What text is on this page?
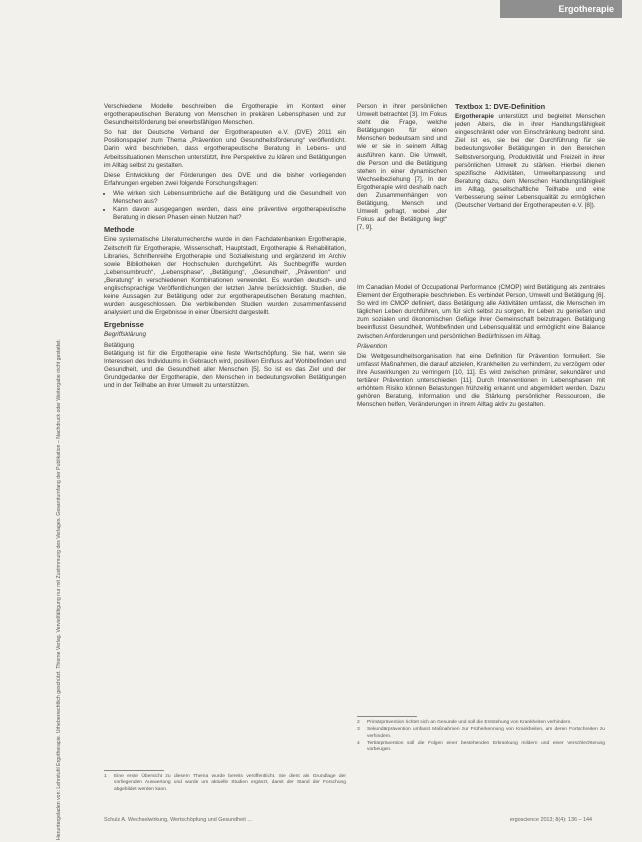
Ergotherapie
Heruntergeladen von: Lehrstuhl Ergotherapie. Urheberrechtlich geschützt. Thieme Verlag. Vervielfältigung nur mit Zustimmung des Verlages. Gesamtumfang der Publikation – Nachdruck oder Weitergabe nicht gestattet.

Verschiedene Modelle beschreiben die Ergotherapie im Kontext einer ergotherapeutischen Beratung von Menschen in prekären Lebensphasen und zur Gesundheitsförderung bei erwerbsfähigen Menschen.

So hat der Deutsche Verband der Ergotherapeuten e.V. (DVE) 2011 ein Positionspapier zum Thema „Prävention und Gesundheitsförderung“ veröffentlicht. Darin wird beschrieben, dass ergotherapeutische Beratung in Lebens- und Arbeitssituationen Menschen unterstützt, ihre Perspektive zu klären und Betätigungen im Alltag selbst zu gestalten.

Diese Entwicklung der Förderungen des DVE und die bisher vorliegenden Erfahrungen ergeben zwei folgende Forschungsfragen:

• Wie wirken sich Lebensumbrüche auf die Betätigung und die Gesundheit von Menschen aus?
• Kann davon ausgegangen werden, dass eine präventive ergotherapeutische Beratung in diesen Phasen einen Nutzen hat?
Methode

Eine systematische Literaturrecherche wurde in den Fachdatenbanken Ergotherapie, Zeitschrift für Ergotherapie, Wissenschaft, Hauptstadt, Ergotherapie & Rehabilitation, Libraries, Schriftenreihe Ergotherapie und Sozialleistung und ergänzend im Archiv sowie Bibliotheken der Hochschulen durchgeführt. Als Suchbegriffe wurden „Lebensumbruch“, „Lebensphase“, „Betätigung“, „Gesundheit“, „Prävention“ und „Beratung“ in verschiedenen Kombinationen verwendet. Es wurden deutsch- und englischsprachige Veröffentlichungen der letzten Jahre berücksichtigt. Studien, die keine Aussagen zur Betätigung oder zur ergotherapeutischen Beratung machten, wurden ausgeschlossen. Die verbleibenden Studien wurden zusammenfassend analysiert und die Ergebnisse in einer Übersicht dargestellt.

Ergebnisse
Begriffsklärung
Betätigung

Betätigung ist für die Ergotherapie eine feste Wertschöpfung. Sie hat, wenn sie Interessen des Individuums in Gebrauch wird, positiven Einfluss auf Wohlbefinden und Gesundheit, und die Gesundheit aller Menschen [5]. So ist es das Ziel und der Grundgedanke der Ergotherapie, den Menschen in bedeutungsvollen Betätigungen und in der Teilhabe an ihrer Umwelt zu unterstützen.

1	Eine erste Übersicht zu diesem Thema wurde bereits veröffentlicht. Sie dient als Grundlage der vorliegenden Auswertung und wurde um aktuelle Studien ergänzt, damit der Stand der Forschung abgebildet werden kann.

Person in ihrer persönlichen Umwelt betrachtet [3]. Im Fokus steht die Frage, welche Betätigungen für einen Menschen bedeutsam sind und wie er sie in seinem Alltag ausführen kann. Die Umwelt, die Person und die Betätigung stehen in einer dynamischen Wechselbeziehung [7]. In der Ergotherapie wird deshalb nach den Zusammenhängen von Betätigung, Mensch und Umwelt gefragt, wobei „der Fokus auf der Betätigung liegt“ [7, 9].

Textbox 1: DVE-Definition

Ergotherapie unterstützt und begleitet Menschen jeden Alters, die in ihrer Handlungsfähigkeit eingeschränkt oder von Einschränkung bedroht sind. Ziel ist es, sie bei der Durchführung für sie bedeutungsvoller Betätigungen in den Bereichen Selbstversorgung, Produktivität und Freizeit in ihrer persönlichen Umwelt zu stärken. Hierbei dienen spezifische Aktivitäten, Umweltanpassung und Beratung dazu, dem Menschen Handlungsfähigkeit im Alltag, gesellschaftliche Teilhabe und eine Verbesserung seiner Lebensqualität zu ermöglichen (Deutscher Verband der Ergotherapeuten e.V. [8]).

Im Canadian Model of Occupational Performance (CMOP) wird Betätigung als zentrales Element der Ergotherapie beschrieben. Es verbindet Person, Umwelt und Betätigung [6]. So wird im CMOP definiert, dass Betätigung alle Aktivitäten umfasst, die Menschen im täglichen Leben durchführen, um für sich selbst zu sorgen, ihr Leben zu genießen und zum sozialen und ökonomischen Gefüge ihrer Gemeinschaft beizutragen. Betätigung beeinflusst Gesundheit, Wohlbefinden und Lebensqualität und ermöglicht eine Balance zwischen Anforderungen und persönlichen Bedürfnissen im Alltag.

Prävention

Die Weltgesundheitsorganisation hat eine Definition für Prävention formuliert. Sie umfasst Maßnahmen, die darauf abzielen, Krankheiten zu verhindern, zu verzögern oder ihre Auswirkungen zu verringern [10, 11]. Es wird zwischen primärer, sekundärer und tertiärer Prävention unterschieden [11]. Durch Interventionen in Lebensphasen mit erhöhtem Risiko können Belastungen frühzeitig erkannt und abgemildert werden. Dazu gehören Beratung, Information und die Stärkung persönlicher Ressourcen, die Menschen helfen, Veränderungen in ihrem Alltag aktiv zu gestalten.

2	Primärprävention richtet sich an Gesunde und soll die Entstehung von Krankheiten verhindern.
3	Sekundärprävention umfasst Maßnahmen zur Früherkennung von Krankheiten, um deren Fortschreiten zu verhindern.
4	Tertiärprävention soll die Folgen einer bestehenden Erkrankung mildern und einer Verschlechterung vorbeugen.
Schulz A. Wechselwirkung, Wertschöpfung und Gesundheit ...	ergoscience 2013; 8(4): 136 – 144
